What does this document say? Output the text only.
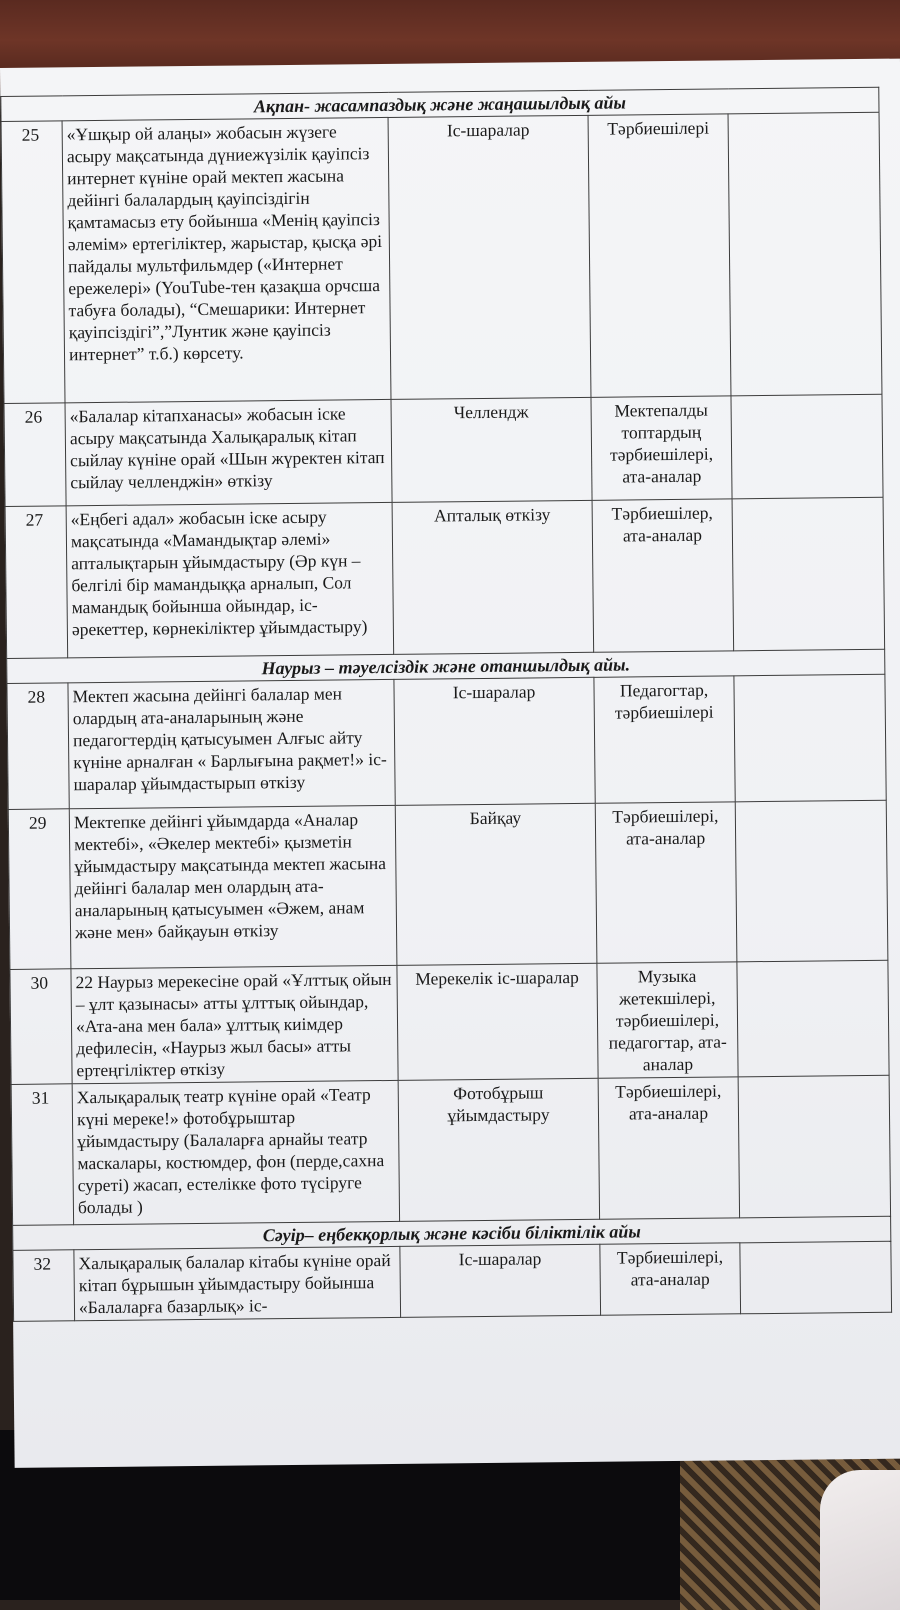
Ақпан- жасампаздық және жаңашылдық айы				
25	«Ұшқыр ой алаңы» жобасын жүзеге асыру мақсатында дүниежүзілік қауіпсіз интернет күніне орай мектеп жасына дейінгі балалардың қауіпсіздігін қамтамасыз ету бойынша «Менің қауіпсіз әлемім» ертегіліктер, жарыстар, қысқа әрі пайдалы мультфильмдер («Интернет ережелері» (YouTube-тен қазақша орчсша табуға болады), “Смешарики: Интернет қауіпсіздігі”,”Лунтик және қауіпсіз интернет” т.б.) көрсету.	Іс-шаралар	Тәрбиешілері	
26	«Балалар кітапханасы» жобасын іске асыру мақсатында Халықаралық кітап сыйлау күніне орай «Шын жүректен кітап сыйлау челленджін» өткізу	Челлендж	Мектепалды топтардың тәрбиешілері, ата-аналар	
27	«Еңбегі адал» жобасын іске асыру мақсатында «Мамандықтар әлемі» апталықтарын ұйымдастыру (Әр күн – белгілі бір мамандыққа арналып, Сол мамандық бойынша ойындар, іс-әрекеттер, көрнекіліктер ұйымдастыру)	Апталық өткізу	Тәрбиешілер, ата-аналар	
Наурыз – тәуелсіздік және отаншылдық айы.				
28	Мектеп жасына дейінгі балалар мен олардың ата-аналарының және педагогтердің қатысуымен Алғыс айту күніне арналған « Барлығына рақмет!» іс-шаралар ұйымдастырып өткізу	Іс-шаралар	Педагогтар, тәрбиешілері	
29	Мектепке дейінгі ұйымдарда «Аналар мектебі», «Әкелер мектебі» қызметін ұйымдастыру мақсатында мектеп жасына дейінгі балалар мен олардың ата-аналарының қатысуымен «Әжем, анам және мен» байқауын өткізу	Байқау	Тәрбиешілері, ата-аналар	
30	22 Наурыз мерекесіне орай «Ұлттық ойын – ұлт қазынасы» атты ұлттық ойындар, «Ата-ана мен бала» ұлттық киімдер дефилесін, «Наурыз жыл басы» атты ертеңгіліктер өткізу	Мерекелік іс-шаралар	Музыка жетекшілері, тәрбиешілері, педагогтар, ата-аналар	
31	Халықаралық театр күніне орай «Театр күні мереке!» фотобұрыштар ұйымдастыру (Балаларға арнайы театр маскалары, костюмдер, фон (перде,сахна суреті) жасап, естелікке фото түсіруге болады )	Фотобұрыш ұйымдастыру	Тәрбиешілері, ата-аналар	
Сәуір– еңбекқорлық және кәсіби біліктілік айы				
32	Халықаралық балалар кітабы күніне орай кітап бұрышын ұйымдастыру бойынша «Балаларға базарлық» іс-	Іс-шаралар	Тәрбиешілері, ата-аналар	
